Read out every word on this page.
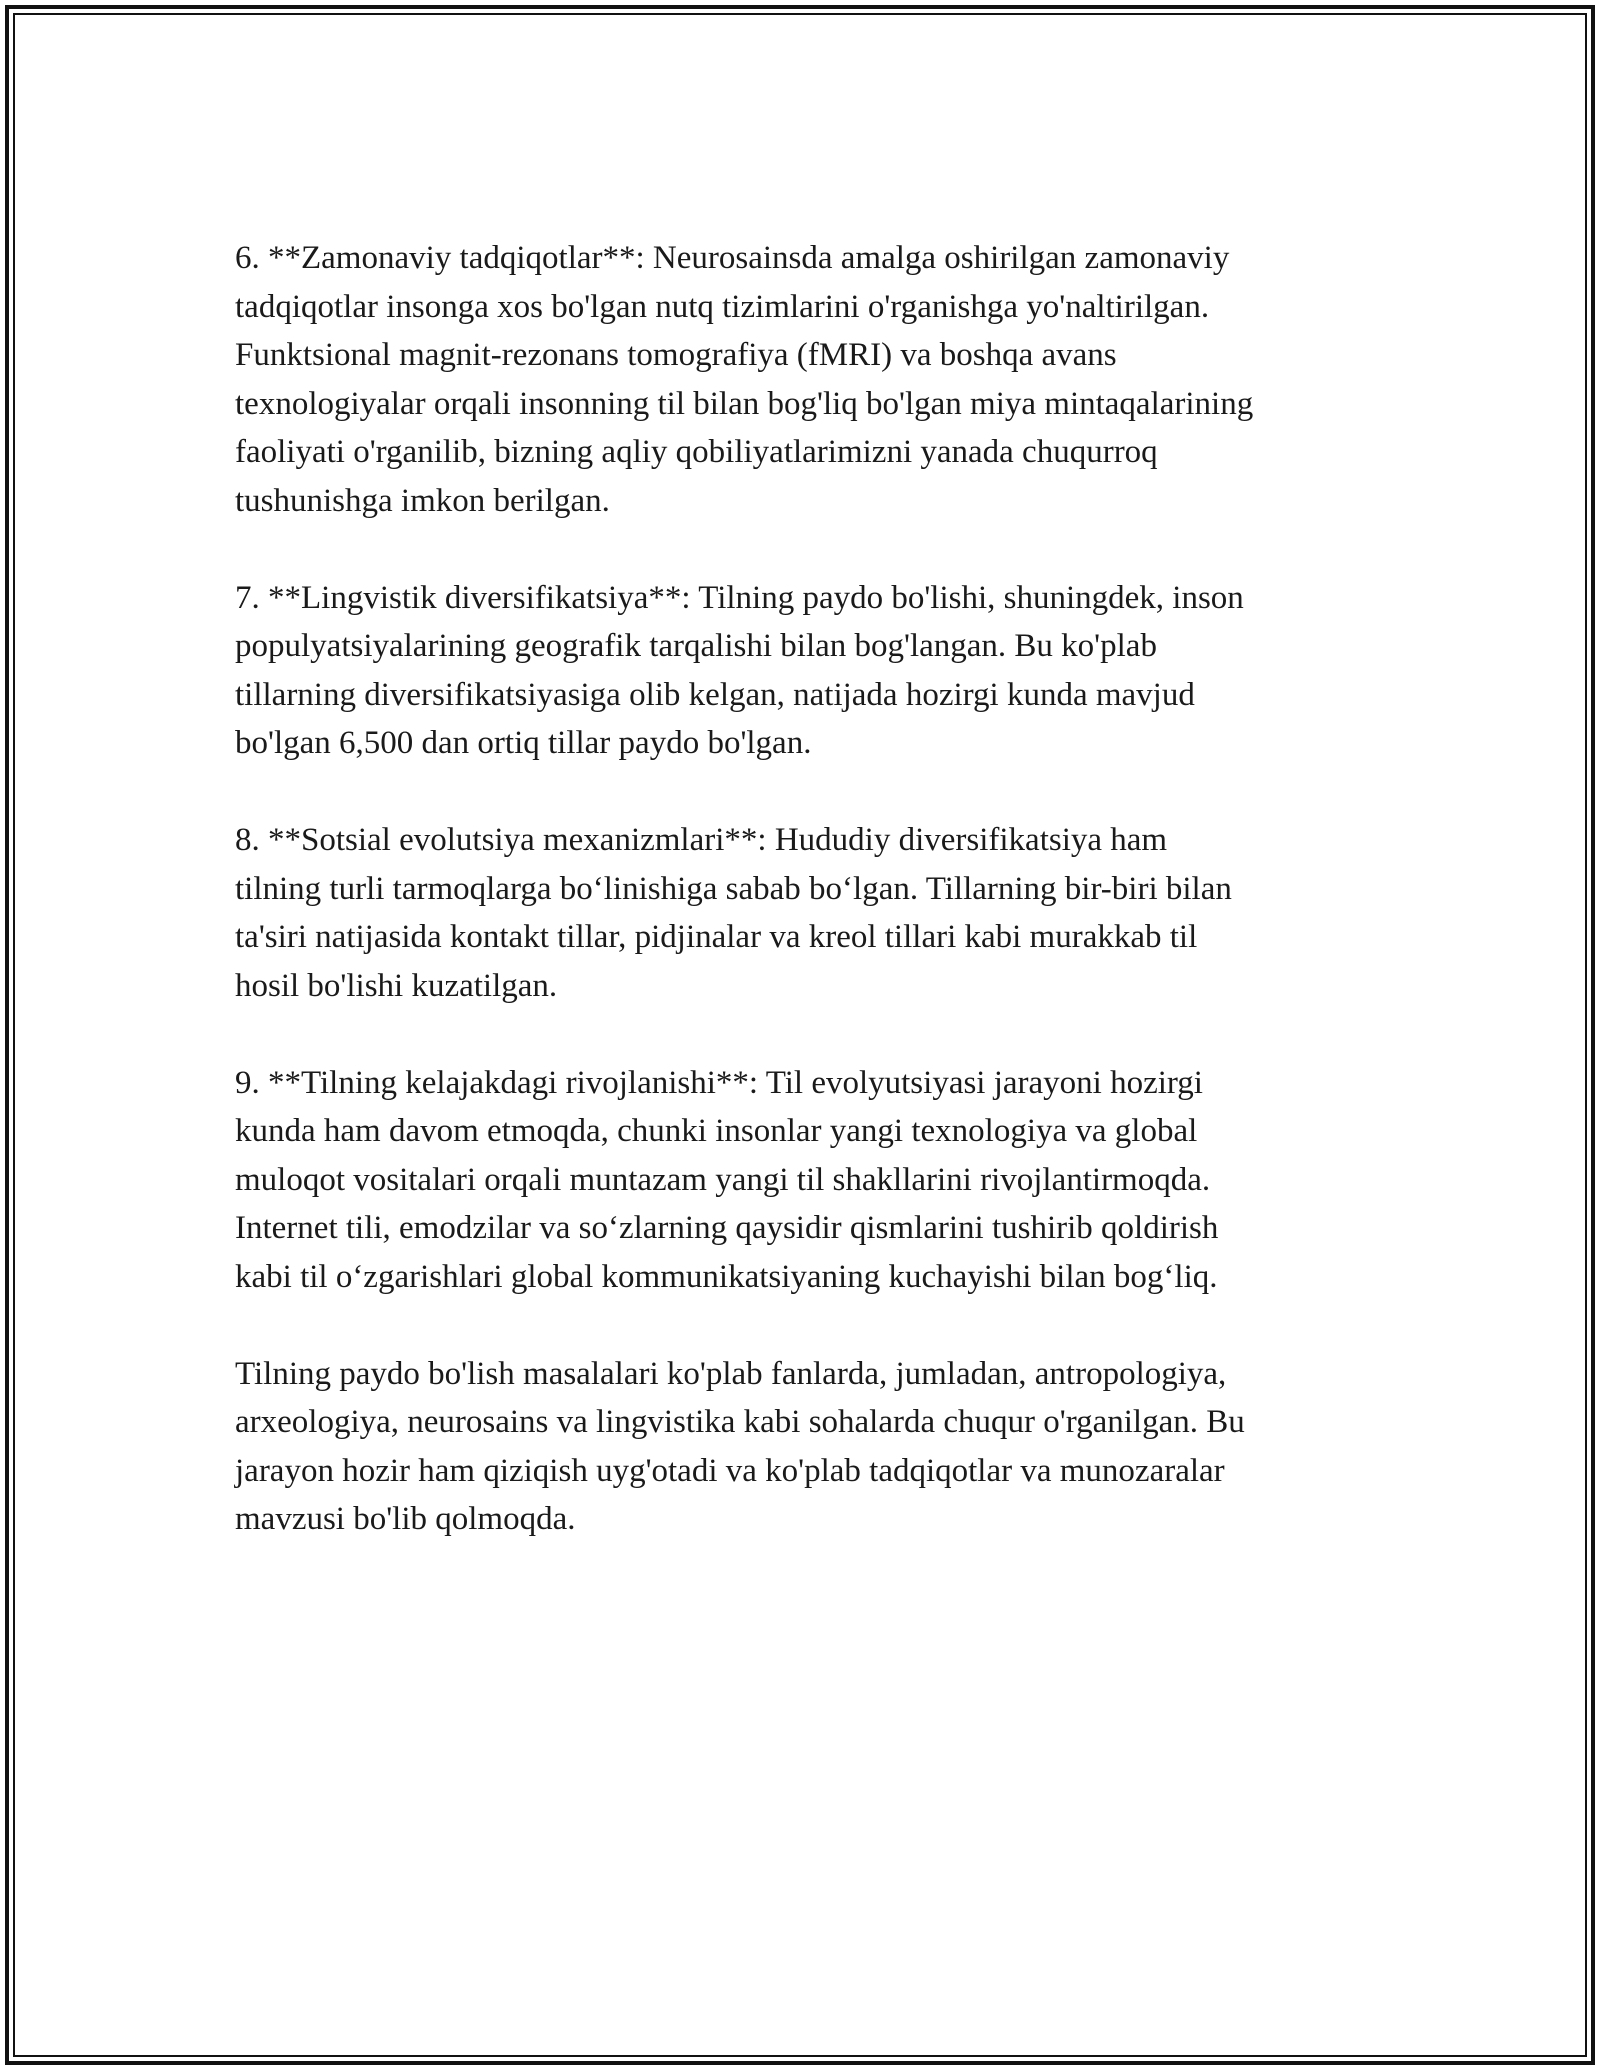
6. **Zamonaviy tadqiqotlar**: Neurosainsda amalga oshirilgan zamonaviy
tadqiqotlar insonga xos bo'lgan nutq tizimlarini o'rganishga yo'naltirilgan.
Funktsional magnit-rezonans tomografiya (fMRI) va boshqa avans
texnologiyalar orqali insonning til bilan bog'liq bo'lgan miya mintaqalarining
faoliyati o'rganilib, bizning aqliy qobiliyatlarimizni yanada chuqurroq
tushunishga imkon berilgan.

7. **Lingvistik diversifikatsiya**: Tilning paydo bo'lishi, shuningdek, inson
populyatsiyalarining geografik tarqalishi bilan bog'langan. Bu ko'plab
tillarning diversifikatsiyasiga olib kelgan, natijada hozirgi kunda mavjud
bo'lgan 6,500 dan ortiq tillar paydo bo'lgan.

8. **Sotsial evolutsiya mexanizmlari**: Hududiy diversifikatsiya ham
tilning turli tarmoqlarga bo‘linishiga sabab bo‘lgan. Tillarning bir-biri bilan
ta'siri natijasida kontakt tillar, pidjinalar va kreol tillari kabi murakkab til
hosil bo'lishi kuzatilgan.

9. **Tilning kelajakdagi rivojlanishi**: Til evolyutsiyasi jarayoni hozirgi
kunda ham davom etmoqda, chunki insonlar yangi texnologiya va global
muloqot vositalari orqali muntazam yangi til shakllarini rivojlantirmoqda.
Internet tili, emodzilar va so‘zlarning qaysidir qismlarini tushirib qoldirish
kabi til o‘zgarishlari global kommunikatsiyaning kuchayishi bilan bog‘liq.

Tilning paydo bo'lish masalalari ko'plab fanlarda, jumladan, antropologiya,
arxeologiya, neurosains va lingvistika kabi sohalarda chuqur o'rganilgan. Bu
jarayon hozir ham qiziqish uyg'otadi va ko'plab tadqiqotlar va munozaralar
mavzusi bo'lib qolmoqda.
